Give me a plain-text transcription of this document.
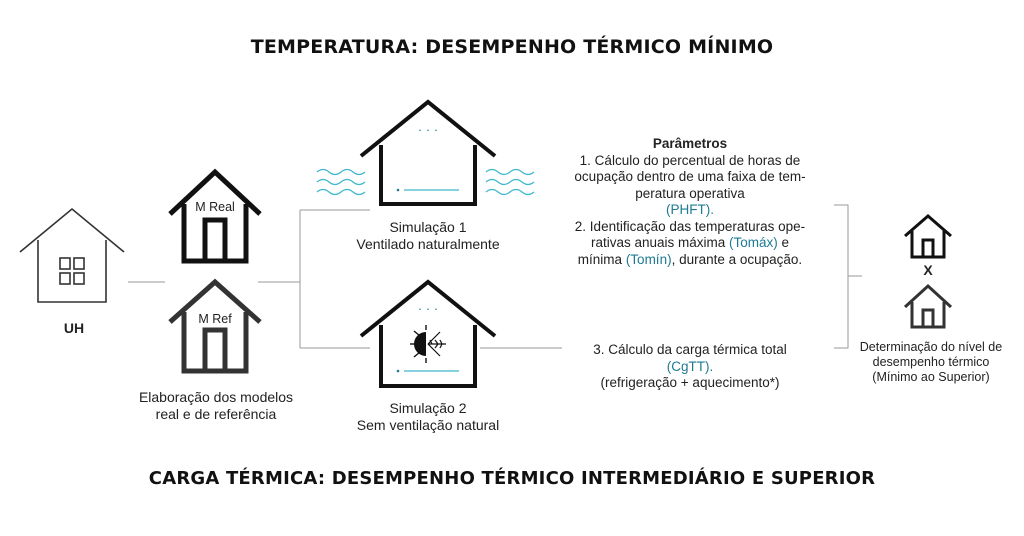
TEMPERATURA: DESEMPENHO TÉRMICO MÍNIMO
UH
M Real
M Ref
Elaboração dos modelos
real e de referência
· · ·
Simulação 1
Ventilado naturalmente
· · ·
Simulação 2
Sem ventilação natural
Parâmetros
1. Cálculo do percentual de horas de
ocupação dentro de uma faixa de tem-
peratura operativa
(PHFT).
2. Identificação das temperaturas ope-
rativas anuais máxima (Tomáx) e
mínima (Tomín), durante a ocupação.
3. Cálculo da carga térmica total
(CgTT).
(refrigeração + aquecimento*)
X
Determinação do nível de
desempenho térmico
(Mínimo ao Superior)
CARGA TÉRMICA: DESEMPENHO TÉRMICO INTERMEDIÁRIO E SUPERIOR
